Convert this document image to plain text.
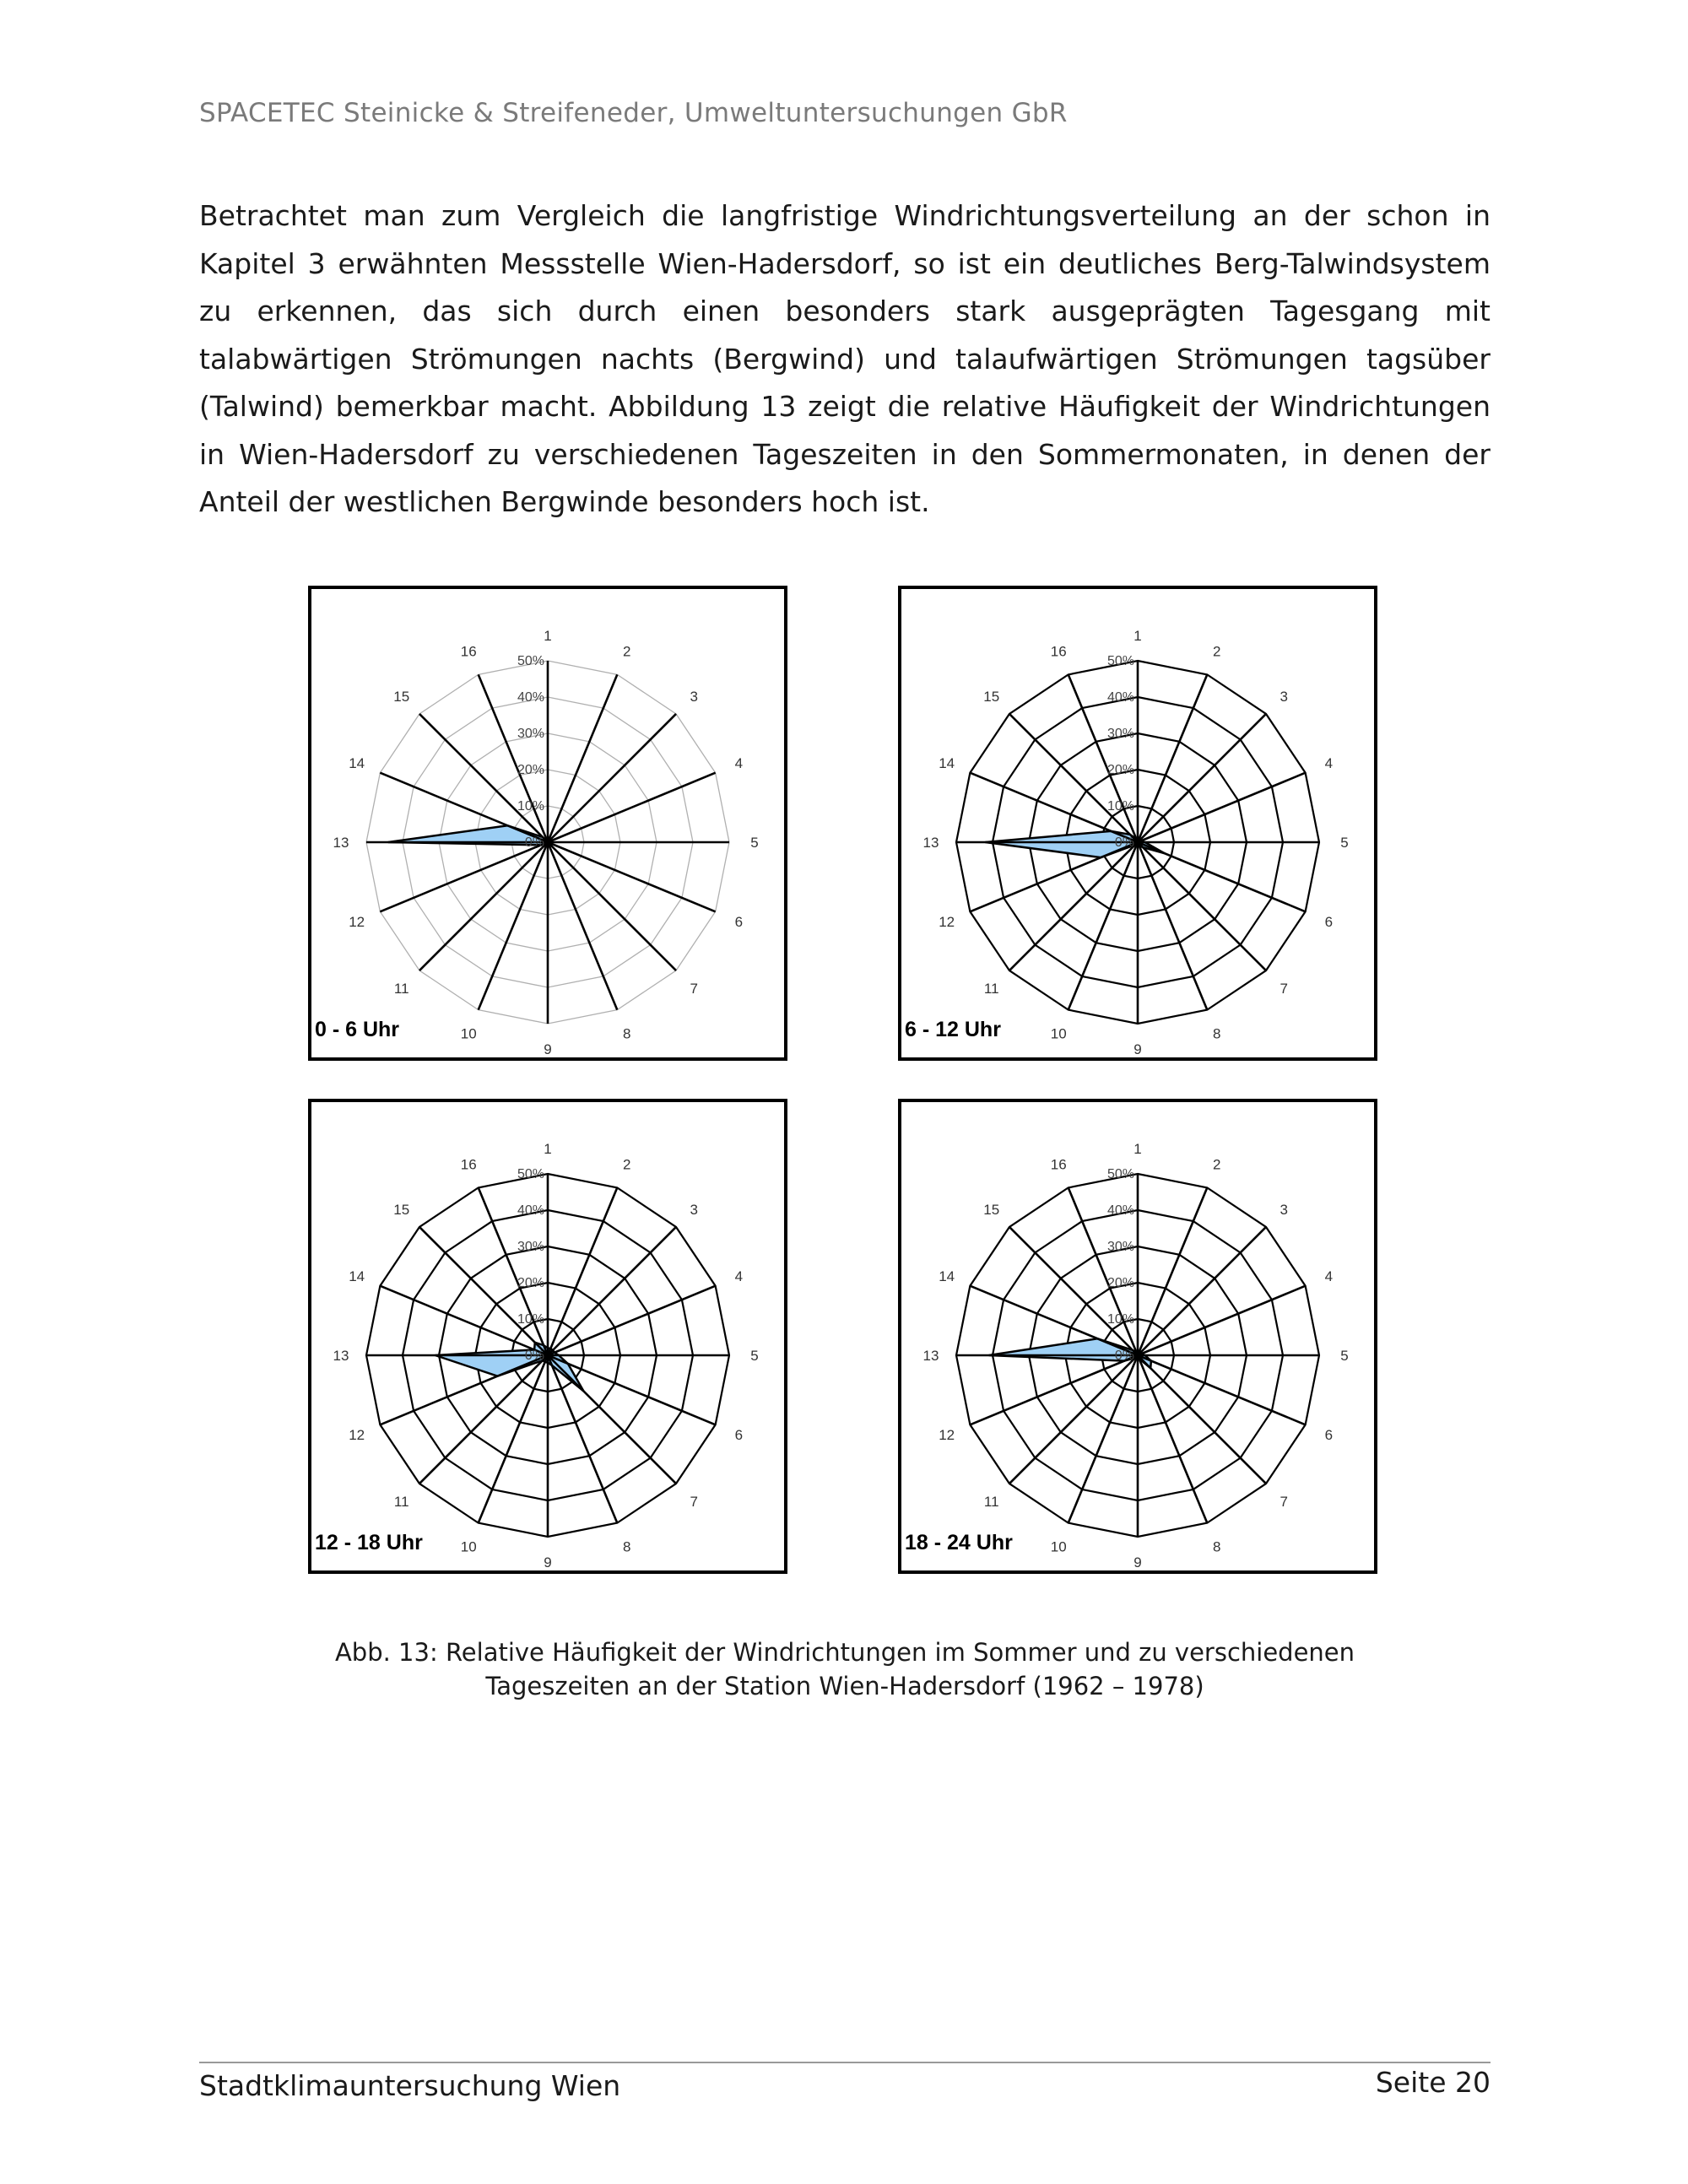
SPACETEC Steinicke & Streifeneder, Umweltuntersuchungen GbR

Betrachtet man zum Vergleich die langfristige Windrichtungsverteilung an der schon in Kapitel 3 erwähnten Messstelle Wien-Hadersdorf, so ist ein deutliches Berg-Talwindsystem zu erkennen, das sich durch einen besonders stark ausgeprägten Tagesgang mit talabwärtigen Strömungen nachts (Bergwind) und talaufwärtigen Strömungen tagsüber (Talwind) bemerkbar macht. Abbildung 13 zeigt die relative Häufigkeit der Windrichtungen in Wien-Hadersdorf zu verschiedenen Tageszeiten in den Sommermonaten, in denen der Anteil der westlichen Bergwinde besonders hoch ist.

0%
10%
20%
30%
40%
50%
1
2
3
4
5
6
7
8
9
10
11
12
13
14
15
16
0 - 6 Uhr
0%
10%
20%
30%
40%
50%
1
2
3
4
5
6
7
8
9
10
11
12
13
14
15
16
6 - 12 Uhr
0%
10%
20%
30%
40%
50%
1
2
3
4
5
6
7
8
9
10
11
12
13
14
15
16
12 - 18 Uhr
0%
10%
20%
30%
40%
50%
1
2
3
4
5
6
7
8
9
10
11
12
13
14
15
16
18 - 24 Uhr
Abb. 13: Relative Häufigkeit der Windrichtungen im Sommer und zu verschiedenen
Tageszeiten an der Station Wien-Hadersdorf (1962 – 1978)
Stadtklimauntersuchung Wien	Seite 20
